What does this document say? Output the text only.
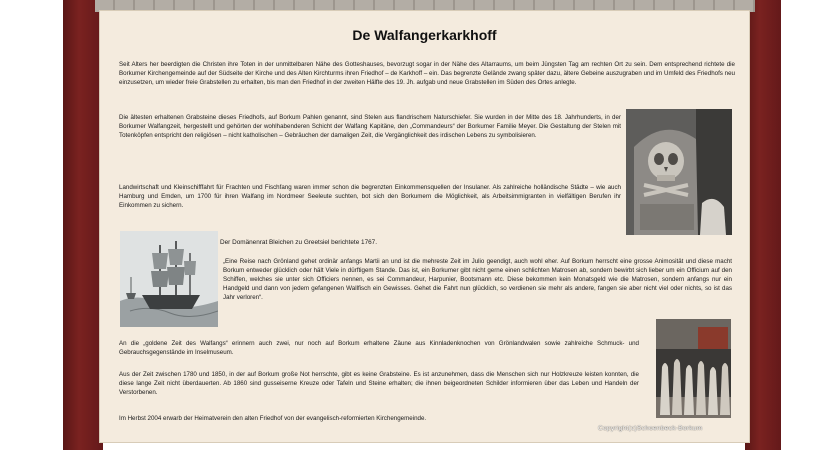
De Walfangerkarkhoff

Seit Alters her beerdigten die Christen ihre Toten in der unmittelbaren Nähe des Gotteshauses, bevorzugt sogar in der Nähe des Altarraums, um beim Jüngsten Tag am rechten Ort zu sein. Dem entsprechend richtete die Borkumer Kirchengemeinde auf der Südseite der Kirche und des Alten Kirchturms ihren Friedhof – de Karkhoff – ein. Das begrenzte Gelände zwang später dazu, ältere Gebeine auszugraben und im Umfeld des Friedhofs neu einzusetzen, um wieder freie Grabstellen zu erhalten, bis man den Friedhof in der zweiten Hälfte des 19. Jh. aufgab und neue Grabstellen im Süden des Ortes anlegte.

Die ältesten erhaltenen Grabsteine dieses Friedhofs, auf Borkum Pahlen genannt, sind Stelen aus flandrischem Naturschiefer. Sie wurden in der Mitte des 18. Jahrhunderts, in der Borkumer Walfangzeit, hergestellt und gehörten der wohlhabenderen Schicht der Walfang Kapitäne, den „Commandeurs“ der Borkumer Familie Meyer. Die Gestaltung der Stelen mit Totenköpfen entspricht den religiösen – nicht katholischen – Gebräuchen der damaligen Zeit, die Vergänglichkeit des irdischen Lebens zu symbolisieren.

Landwirtschaft und Kleinschifffahrt für Frachten und Fischfang waren immer schon die begrenzten Einkommensquellen der Insulaner. Als zahlreiche holländische Städte – wie auch Hamburg und Emden, um 1700 für ihren Walfang im Nordmeer Seeleute suchten, bot sich den Borkumern die Möglichkeit, als Arbeitsimmigranten in vielfältigen Berufen ihr Einkommen zu sichern.

Der Domänenrat Bleichen zu Greetsiel berichtete 1767.

„Eine Reise nach Grönland gehet ordinär anfangs Martii an und ist die mehreste Zeit im Julio geendigt, auch wohl eher. Auf Borkum herrscht eine grosse Animosität und diese macht Borkum entweder glücklich oder hält Viele in dürftigem Stande. Das ist, ein Borkumer gibt nicht gerne einen schlichten Matrosen ab, sondern bewirbt sich lieber um ein Officium auf den Schiffen, welches sie unter sich Officiers nennen, es sei Commandeur, Harpunier, Bootsmann etc. Diese bekommen kein Monatsgeld wie die Matrosen, sondern anfangs nur ein Handgeld und dann von jedem gefangenen Wallfisch ein Gewisses. Gehet die Fahrt nun glücklich, so verdienen sie mehr als andere, fangen sie aber nicht viel oder nichts, so ist das Jahr verloren“.

An die „goldene Zeit des Walfangs“ erinnern auch zwei, nur noch auf Borkum erhaltene Zäune aus Kinnladenknochen von Grönlandwalen sowie zahlreiche Schmuck- und Gebrauchsgegenstände im Inselmuseum.

Aus der Zeit zwischen 1780 und 1850, in der auf Borkum große Not herrschte, gibt es keine Grabsteine. Es ist anzunehmen, dass die Menschen sich nur Holzkreuze leisten konnten, die diese lange Zeit nicht überdauerten. Ab 1860 sind gusseiserne Kreuze oder Tafeln und Steine erhalten; die ihnen beigeordneten Schilder informieren über das Leben und Handeln der Verstorbenen.

Im Herbst 2004 erwarb der Heimatverein den alten Friedhof von der evangelisch-reformierten Kirchengemeinde.

Copyright(c)Schoenbeck-Borkum
